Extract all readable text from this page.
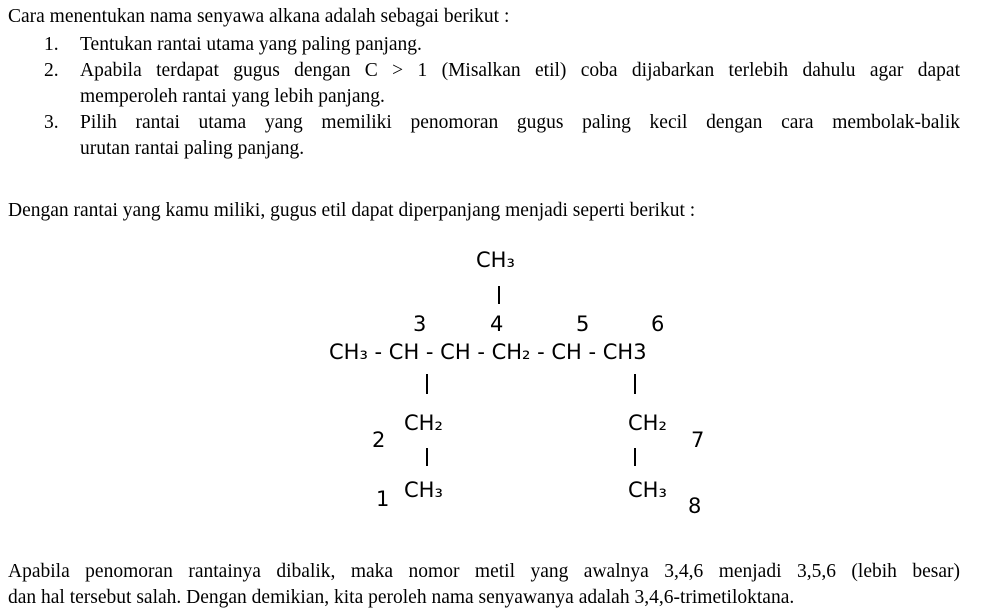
Cara menentukan nama senyawa alkana adalah sebagai berikut :

1. Tentukan rantai utama yang paling panjang.
2. Apabila terdapat gugus dengan C > 1 (Misalkan etil) coba dijabarkan terlebih dahulu agar dapat
memperoleh rantai yang lebih panjang.
3. Pilih rantai utama yang memiliki penomoran gugus paling kecil dengan cara membolak-balik
urutan rantai paling panjang.

Dengan rantai yang kamu miliki, gugus etil dapat diperpanjang menjadi seperti berikut :

CH₃
3	4	5	6
CH₃ - CH - CH - CH₂ - CH - CH3
CH₂
2
CH₃
1
CH₂
7
CH₃
8

Apabila penomoran rantainya dibalik, maka nomor metil yang awalnya 3,4,6 menjadi 3,5,6 (lebih besar)

dan hal tersebut salah. Dengan demikian, kita peroleh nama senyawanya adalah 3,4,6-trimetiloktana.
